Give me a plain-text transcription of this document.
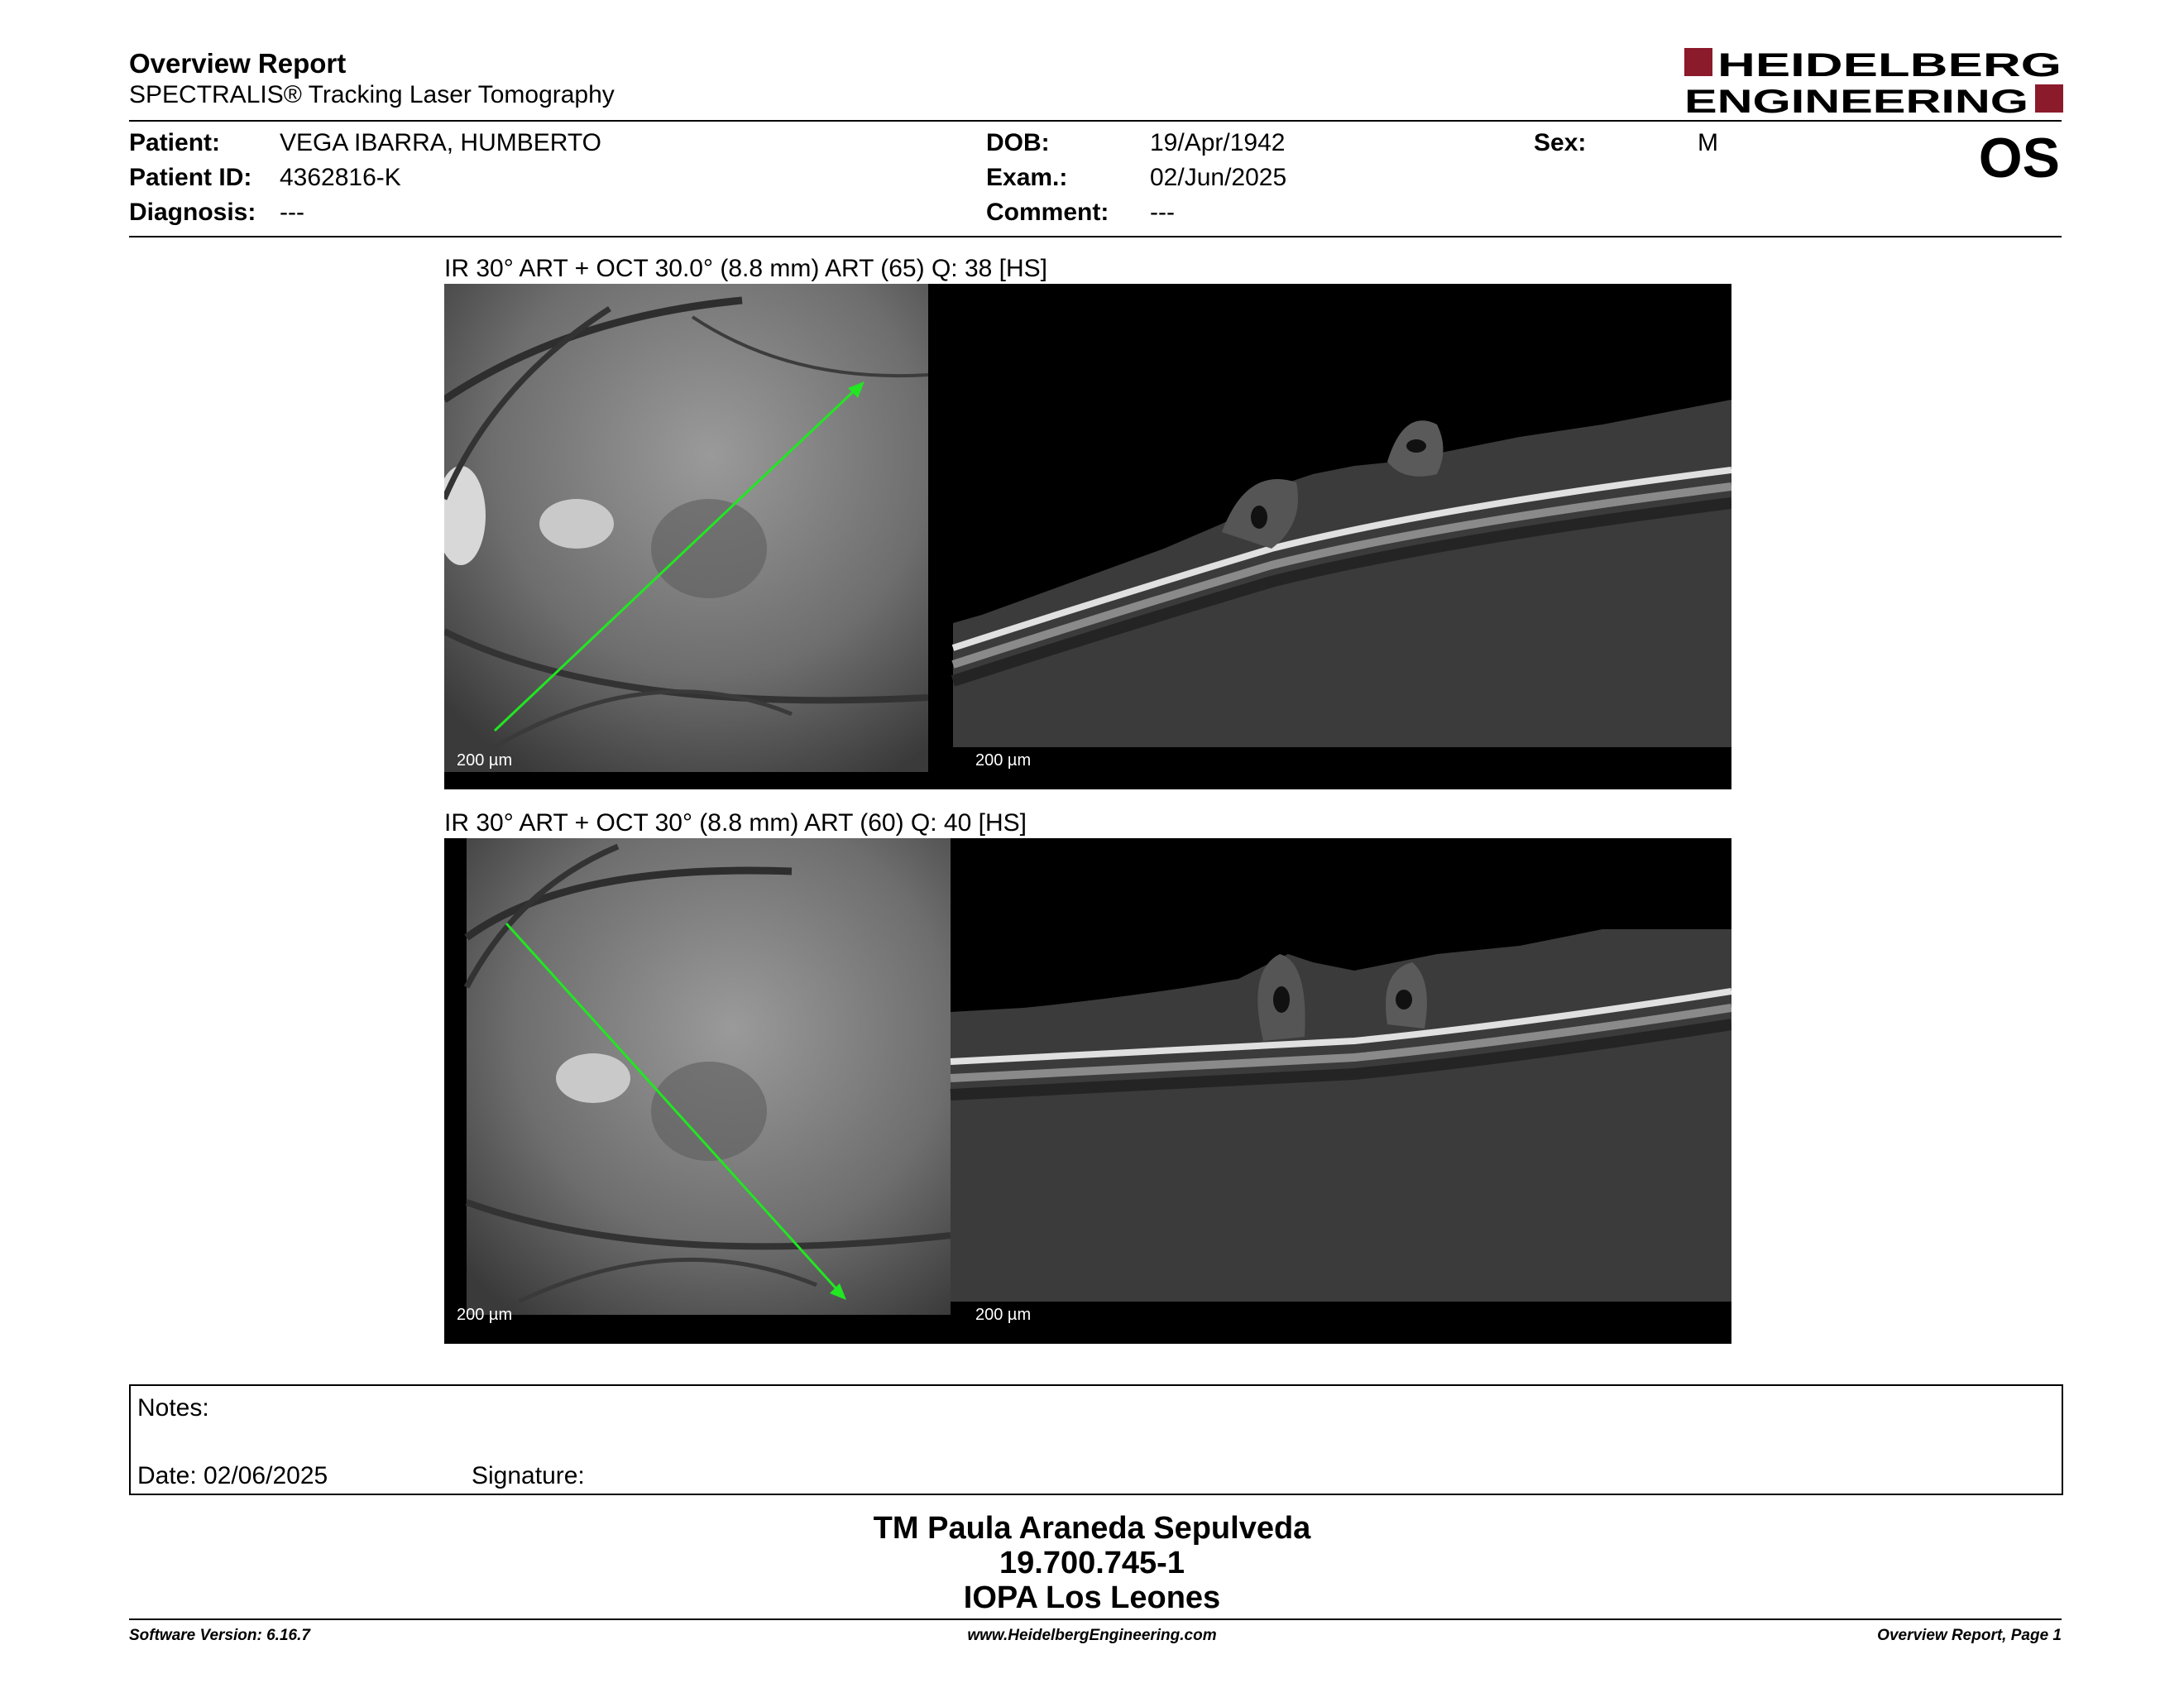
Overview Report
SPECTRALIS® Tracking Laser Tomography
HEIDELBERG
ENGINEERING
Patient: VEGA IBARRA, HUMBERTO
Patient ID: 4362816-K
Diagnosis: ---
DOB:	19/Apr/1942
Exam.:	02/Jun/2025
Comment: ---
Sex:	M	OS
IR 30° ART + OCT 30.0° (8.8 mm) ART (65) Q: 38 [HS]
200 µm	200 µm
IR 30° ART + OCT 30° (8.8 mm) ART (60) Q: 40 [HS]
200 µm	200 µm
Notes:
Date: 02/06/2025	Signature:
TM Paula Araneda Sepulveda
19.700.745-1
IOPA Los Leones
Software Version: 6.16.7	www.HeidelbergEngineering.com	Overview Report, Page 1
